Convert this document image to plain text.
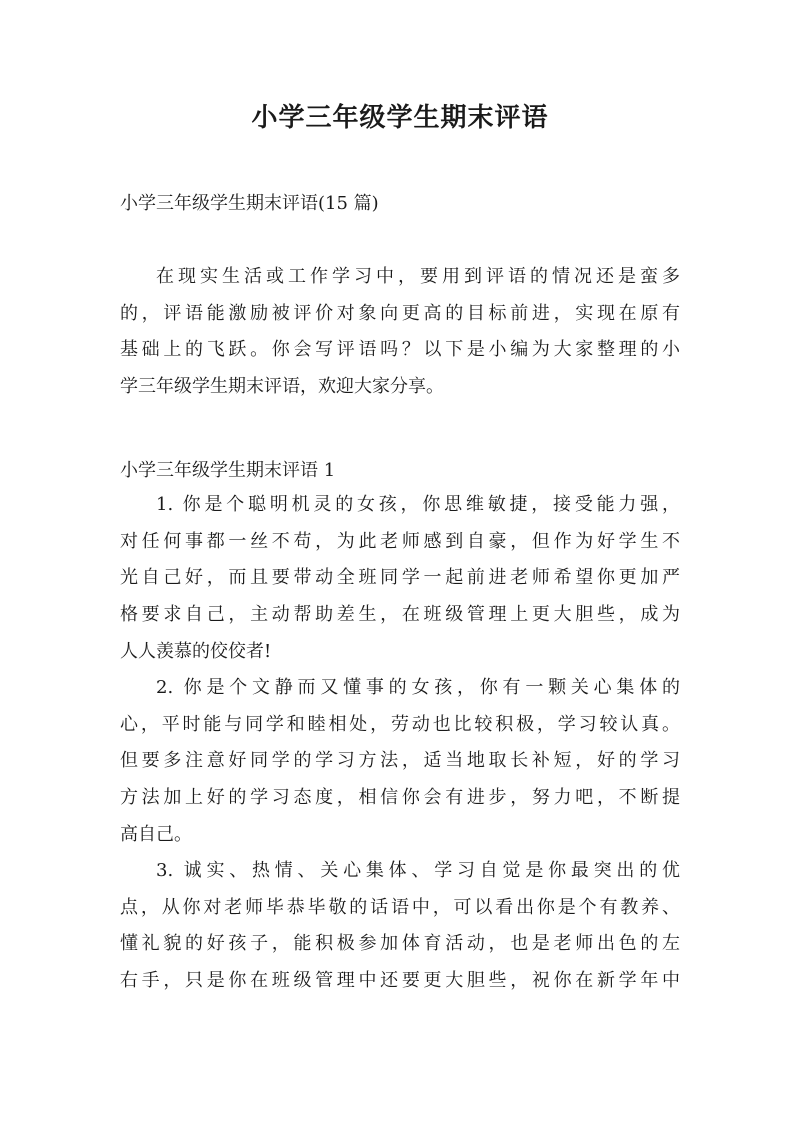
小学三年级学生期末评语
小学三年级学生期末评语(15 篇)
在现实生活或工作学习中，要用到评语的情况还是蛮多
的，评语能激励被评价对象向更高的目标前进，实现在原有
基础上的飞跃。你会写评语吗？以下是小编为大家整理的小
学三年级学生期末评语，欢迎大家分享。
小学三年级学生期末评语 1
1. 你是个聪明机灵的女孩，你思维敏捷，接受能力强，
对任何事都一丝不苟，为此老师感到自豪，但作为好学生不
光自己好，而且要带动全班同学一起前进老师希望你更加严
格要求自己，主动帮助差生，在班级管理上更大胆些，成为
人人羡慕的佼佼者!
2. 你是个文静而又懂事的女孩，你有一颗关心集体的
心，平时能与同学和睦相处，劳动也比较积极，学习较认真。
但要多注意好同学的学习方法，适当地取长补短，好的学习
方法加上好的学习态度，相信你会有进步，努力吧，不断提
高自己。
3. 诚实、热情、关心集体、学习自觉是你最突出的优
点，从你对老师毕恭毕敬的话语中，可以看出你是个有教养、
懂礼貌的好孩子，能积极参加体育活动，也是老师出色的左
右手，只是你在班级管理中还要更大胆些，祝你在新学年中
